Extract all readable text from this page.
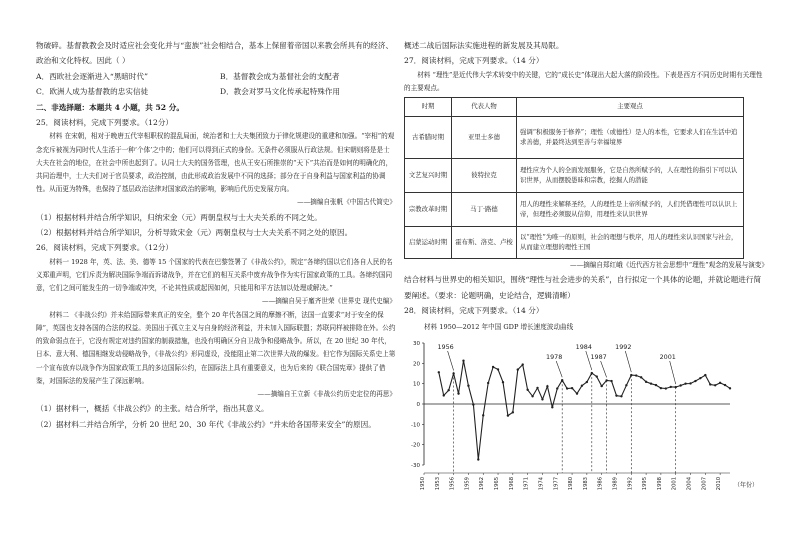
物破碎。基督教教会及时适应社会变化并与“蛮族”社会相结合，基本上保留着帝国以来教会所具有的经济、政治和文化特权。因此（ ）

A．西欧社会逐渐进入“黑暗时代”	B．基督教会成为基督社会的支配者

C．欧洲人成为基督教的忠实信徒	D．教会对罗马文化传承起特殊作用

二、非选择题：本题共 4 小题，共 52 分。

25．阅读材料，完成下列要求。（12分）

材料 在宋朝，相对于晚唐五代宰相职权的混乱局面，统治者和士大夫集团致力于律化规建设的重建和加强。“宰相”的观念充斥被视为同时代人生活于一种‘个体’之中的；他们可以得到正式的身份。无条件必须服从行政法规。但宋朝则将是是士大夫在社会的地位，在社会中所也起到了。认同士大夫的国务管理，也从王安石所推崇的“天下”共治而是如何的明确化的，共同治理中，士大夫们对于官员要求，政治控制，由此形成政治发展中不同的选择；部分在于自身利益与国家利益的协调性。从而更为特殊，也保持了基层政治法律对国家政治的影响，影响后代历史发展方向。

——摘编自张帆《中国古代简史》

（1）根据材料并结合所学知识，归纳宋金（元）两朝皇权与士大夫关系的不同之处。

（2）根据材料并结合所学知识，分析导致宋金（元）两朝皇权与士大夫关系不同之处的原因。

26．阅读材料，完成下列要求。（12分）

材料一 1928 年，英、法、美、德等 15 个国家的代表在巴黎签署了《非战公约》，规定“各缔约国以它们各自人民的名义郑重声明，它们斥责为解决国际争端而诉诸战争，并在它们的相互关系中废弃战争作为实行国家政策的工具。各缔约国同意，它们之间可能发生的一切争端或冲突，不论其性质或起因如何，只能用和平方法加以处理或解决。”

——摘编自吴于廑齐世荣《世界史 现代史编》

材料二 《非战公约》并未给国际带来真正的安全，整个 20 年代各国之间的摩擦不断，法国一直要求“对于安全的保障”，英国也支持各国的合法的权益。美国出于孤立主义与自身的经济利益，并未加入国际联盟；苏联同样被排除在外。公约的致命弱点在于，它没有规定对违约国家的制裁措施，也没有明确区分自卫战争和侵略战争。所以，在 20 世纪 30 年代，日本、意大利、德国相继发动侵略战争，《非战公约》形同虚设，没能阻止第二次世界大战的爆发。但它作为国际关系史上第一个宣布放弃以战争作为国家政策工具的多边国际公约，在国际法上具有重要意义，也为后来的《联合国宪章》提供了借鉴，对国际法的发展产生了深远影响。

——摘编自王立新《非战公约历史定位的再思》

（1）据材料一，概括《非战公约》的主张。结合所学，指出其意义。

（2）据材料二并结合所学，分析 20 世纪 20、30 年代《非战公约》“并未给各国带来安全”的原因。

概述二战后国际法实施进程的新发展及其局限。

27．阅读材料，完成下列要求。（14 分）

材料 “理性”是近代伟大学术转变中的关键，它的“成长史”体现出大起大落的阶段性。下表是西方不同历史时期有关理性的主要观点。

时期	代表人物	主要观点
古希腊时期	亚里士多德	强调“积极服务于修养”；理性（或德性）是人的本性，它要求人们在生活中追求善德，并最终达到至善与幸福境界
文艺复兴时期	彼特拉克	理性应为个人的全面发展服务，它是自然所赋予的，人在理性的指引下可以认识世界，从而摆脱愚昧和宗教，挖掘人的潜能
宗教改革时期	马丁·路德	用人的理性来解释圣经，人的理性是上帝所赋予的，人们凭借理性可以认识上帝，但理性必须服从信仰，用理性来认识世界
启蒙运动时期	霍布斯、洛克、卢梭	以“理性”为唯一的原则，社会的理想与秩序，用人的理性来认识国家与社会，从而建立理想的理性王国

——摘编自郑红峨《近代西方社会思想中“理性”观念的发展与演变》

结合材料与世界史的相关知识，围绕“理性与社会进步的关系”，自行拟定一个具体的论题，并就论题进行简要阐述。（要求：论题明确，史论结合，逻辑清晰）

28．阅读材料，完成下列要求。（14 分）

材料 1950—2012 年中国 GDP 增长速度波动曲线

-30
-20
-10
0
10
20
30
1950 1953 1956 1959 1962 1965 1968 1971 1974 1977 1980 1983 1986 1989 1992 1995 1998 2001 2004 2007 2010 （年份）
1956
1978
1984
1987
1992
2001
